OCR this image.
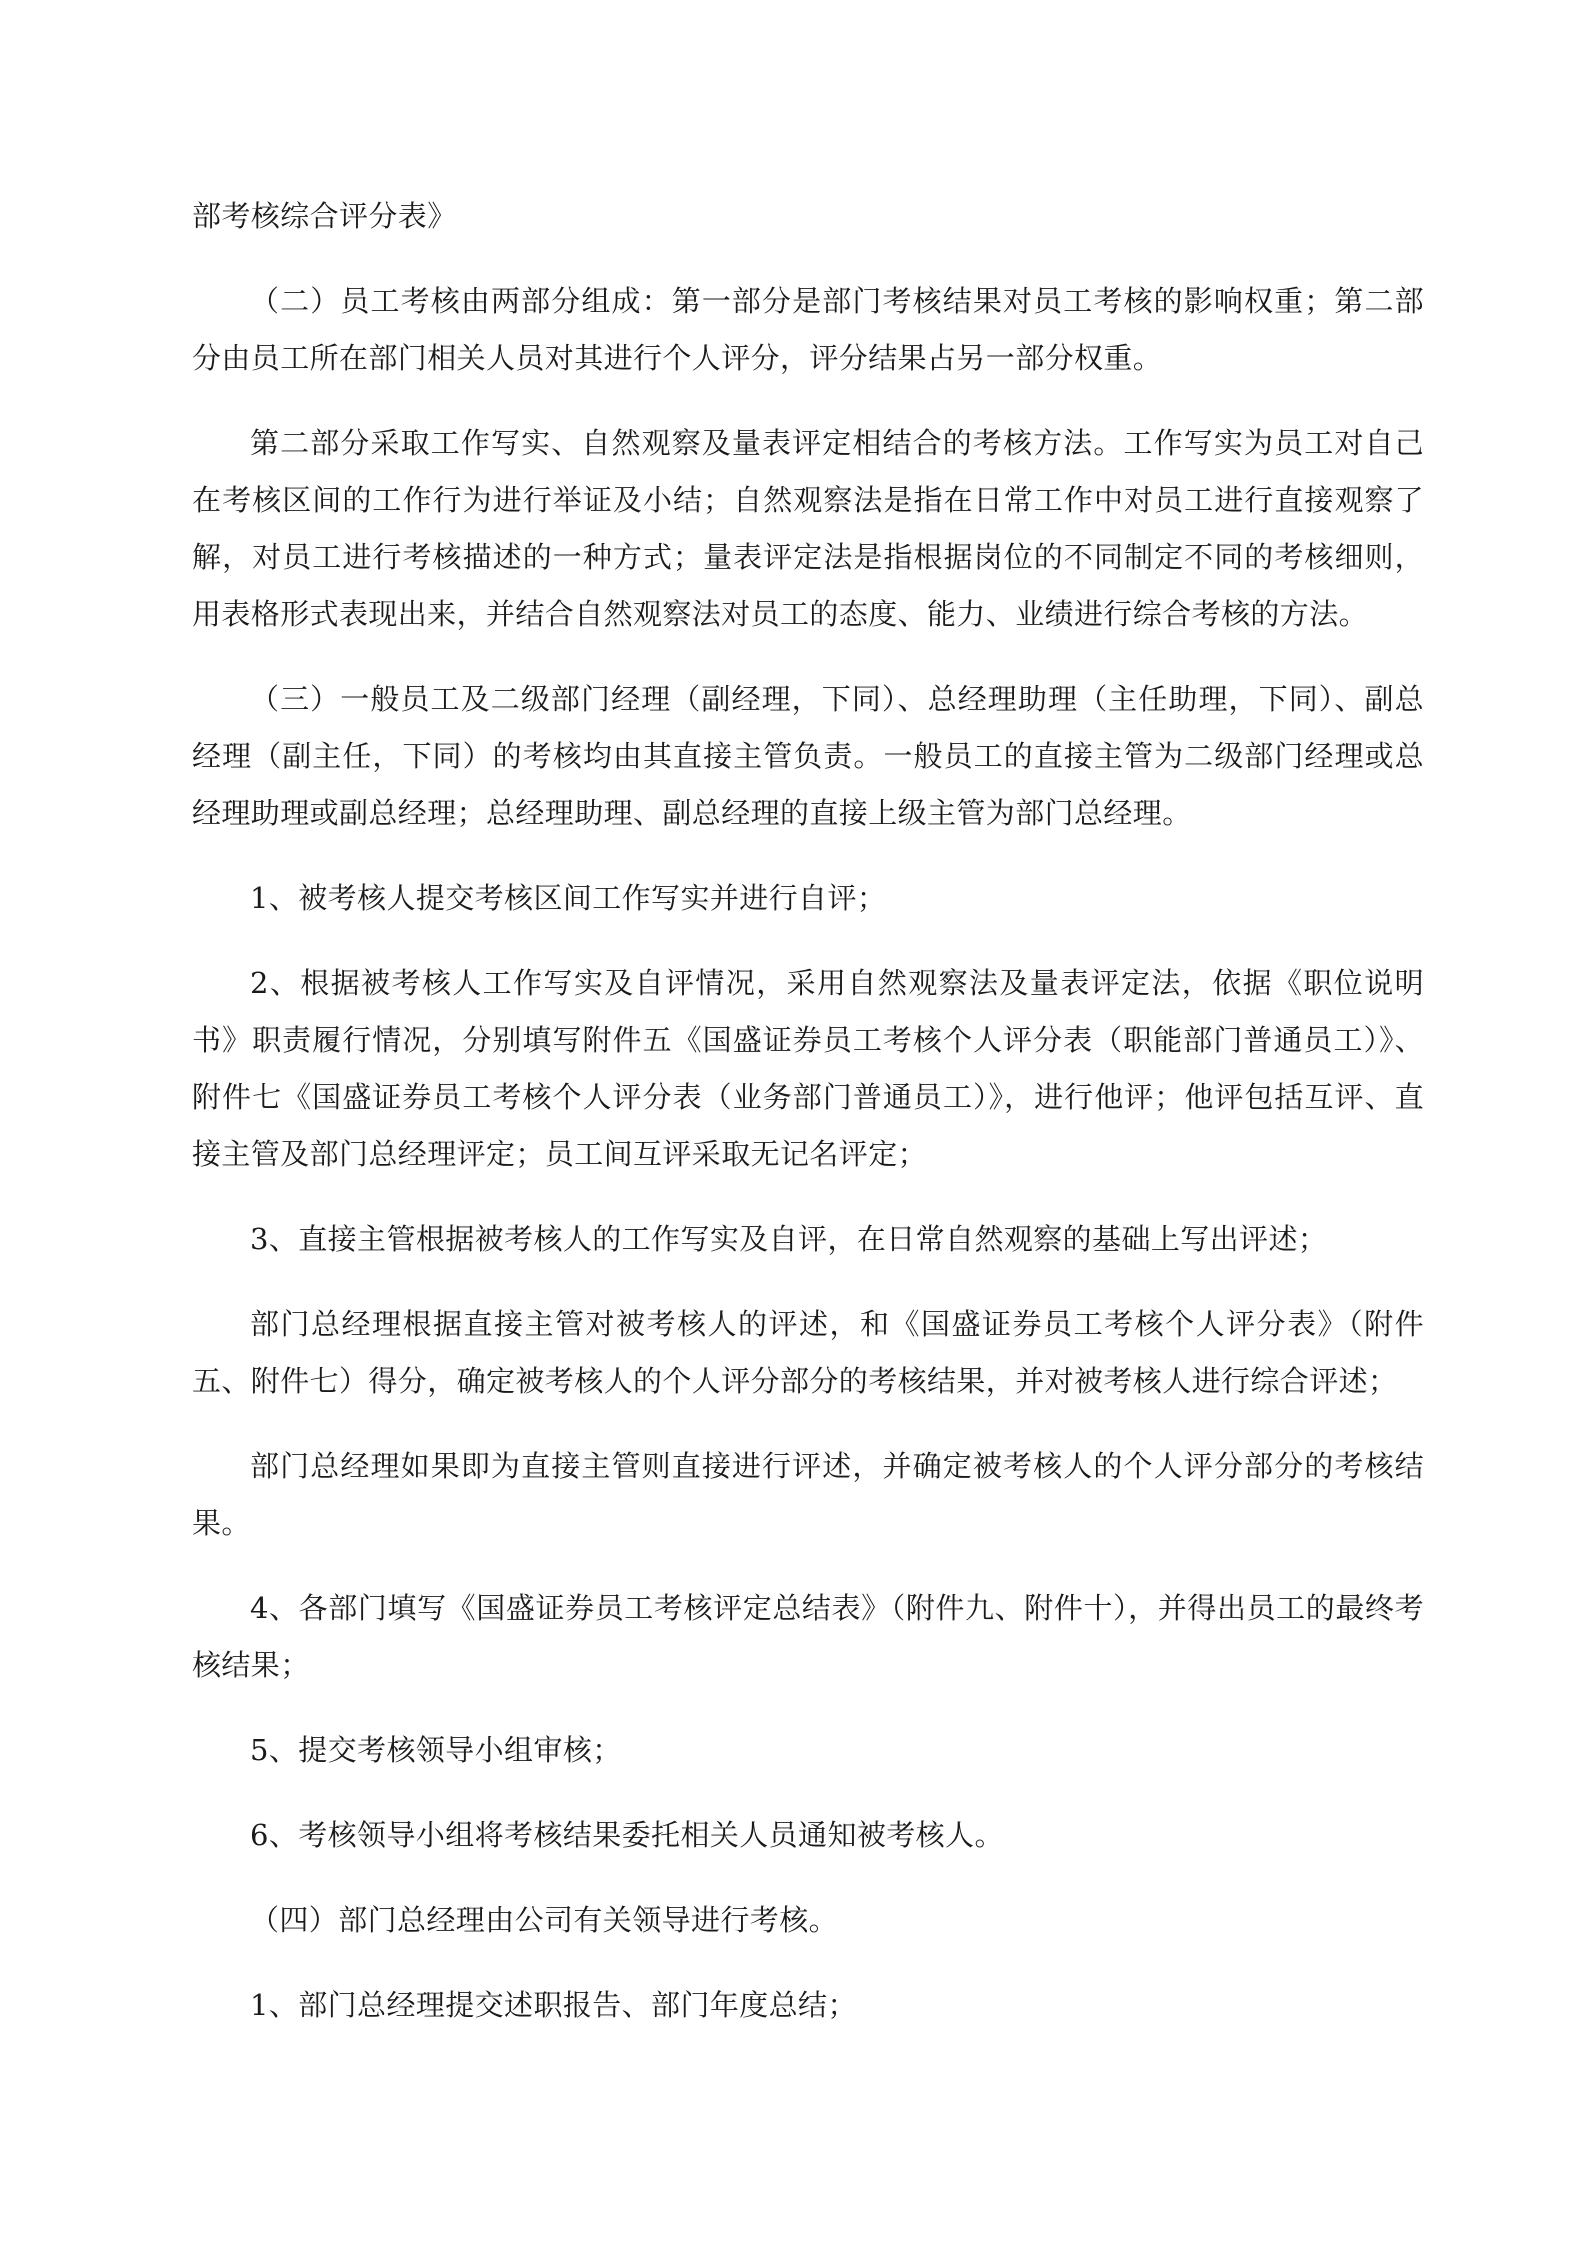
部考核综合评分表》

（二）员工考核由两部分组成：第一部分是部门考核结果对员工考核的影响权重；第二部分由员工所在部门相关人员对其进行个人评分，评分结果占另一部分权重。

第二部分采取工作写实、自然观察及量表评定相结合的考核方法。工作写实为员工对自己在考核区间的工作行为进行举证及小结；自然观察法是指在日常工作中对员工进行直接观察了解，对员工进行考核描述的一种方式；量表评定法是指根据岗位的不同制定不同的考核细则，用表格形式表现出来，并结合自然观察法对员工的态度、能力、业绩进行综合考核的方法。

（三）一般员工及二级部门经理（副经理，下同）、总经理助理（主任助理，下同）、副总经理（副主任，下同）的考核均由其直接主管负责。一般员工的直接主管为二级部门经理或总经理助理或副总经理；总经理助理、副总经理的直接上级主管为部门总经理。

1、被考核人提交考核区间工作写实并进行自评；

2、根据被考核人工作写实及自评情况，采用自然观察法及量表评定法，依据《职位说明书》职责履行情况，分别填写附件五《国盛证券员工考核个人评分表（职能部门普通员工）》、附件七《国盛证券员工考核个人评分表（业务部门普通员工）》，进行他评；他评包括互评、直接主管及部门总经理评定；员工间互评采取无记名评定；

3、直接主管根据被考核人的工作写实及自评，在日常自然观察的基础上写出评述；

部门总经理根据直接主管对被考核人的评述，和《国盛证券员工考核个人评分表》（附件五、附件七）得分，确定被考核人的个人评分部分的考核结果，并对被考核人进行综合评述；

部门总经理如果即为直接主管则直接进行评述，并确定被考核人的个人评分部分的考核结果。

4、各部门填写《国盛证券员工考核评定总结表》（附件九、附件十），并得出员工的最终考核结果；

5、提交考核领导小组审核；

6、考核领导小组将考核结果委托相关人员通知被考核人。

（四）部门总经理由公司有关领导进行考核。

1、部门总经理提交述职报告、部门年度总结；
